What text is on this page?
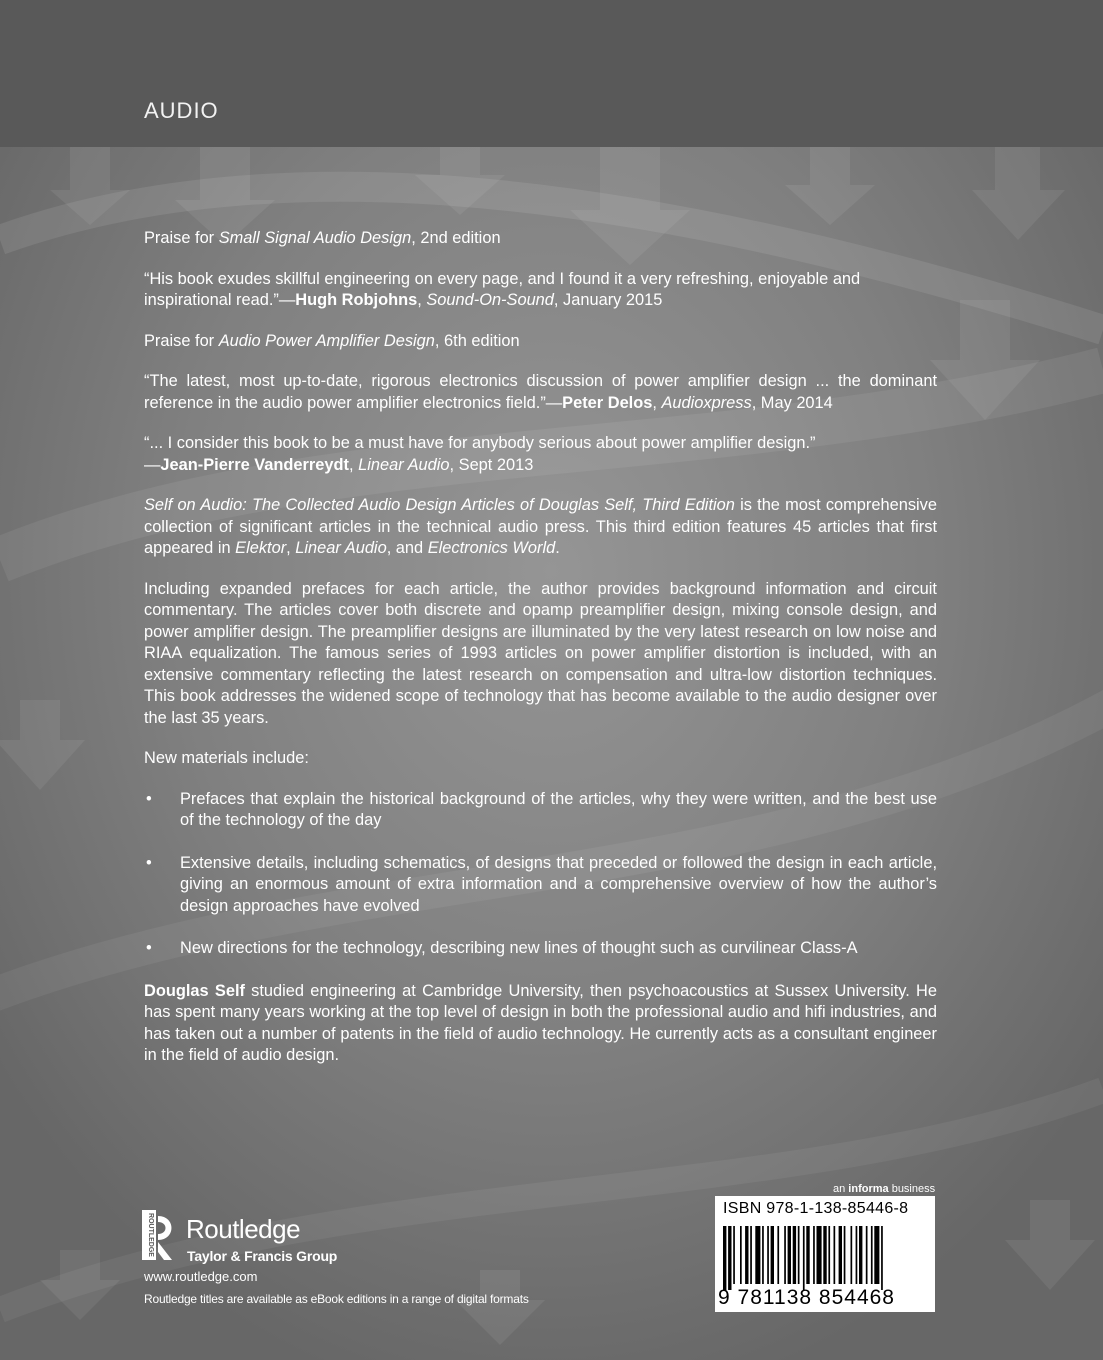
AUDIO

Praise for Small Signal Audio Design, 2nd edition

“His book exudes skillful engineering on every page, and I found it a very refreshing, enjoyable and inspirational read.”—Hugh Robjohns, Sound-On-Sound, January 2015

Praise for Audio Power Amplifier Design, 6th edition

“The latest, most up-to-date, rigorous electronics discussion of power amplifier design ... the dominant reference in the audio power amplifier electronics field.”—Peter Delos, Audioxpress, May 2014

“... I consider this book to be a must have for anybody serious about power amplifier design.”
—Jean-Pierre Vanderreydt, Linear Audio, Sept 2013

Self on Audio: The Collected Audio Design Articles of Douglas Self, Third Edition is the most comprehensive collection of significant articles in the technical audio press. This third edition features 45 articles that first appeared in Elektor, Linear Audio, and Electronics World.

Including expanded prefaces for each article, the author provides background information and circuit commentary. The articles cover both discrete and opamp preamplifier design, mixing console design, and power amplifier design. The preamplifier designs are illuminated by the very latest research on low noise and RIAA equalization. The famous series of 1993 articles on power amplifier distortion is included, with an extensive commentary reflecting the latest research on compensation and ultra-low distortion techniques. This book addresses the widened scope of technology that has become available to the audio designer over the last 35 years.

New materials include:

• Prefaces that explain the historical background of the articles, why they were written, and the best use of the technology of the day
• Extensive details, including schematics, of designs that preceded or followed the design in each article, giving an enormous amount of extra information and a comprehensive overview of how the author’s design approaches have evolved
• New directions for the technology, describing new lines of thought such as curvilinear Class-A

Douglas Self studied engineering at Cambridge University, then psychoacoustics at Sussex University. He has spent many years working at the top level of design in both the professional audio and hifi industries, and has taken out a number of patents in the field of audio technology. He currently acts as a consultant engineer in the field of audio design.

ROUTLEDGE Routledge
Taylor & Francis Group
www.routledge.com
Routledge titles are available as eBook editions in a range of digital formats
an informa business
ISBN 978-1-138-85446-8
9 781138 854468
